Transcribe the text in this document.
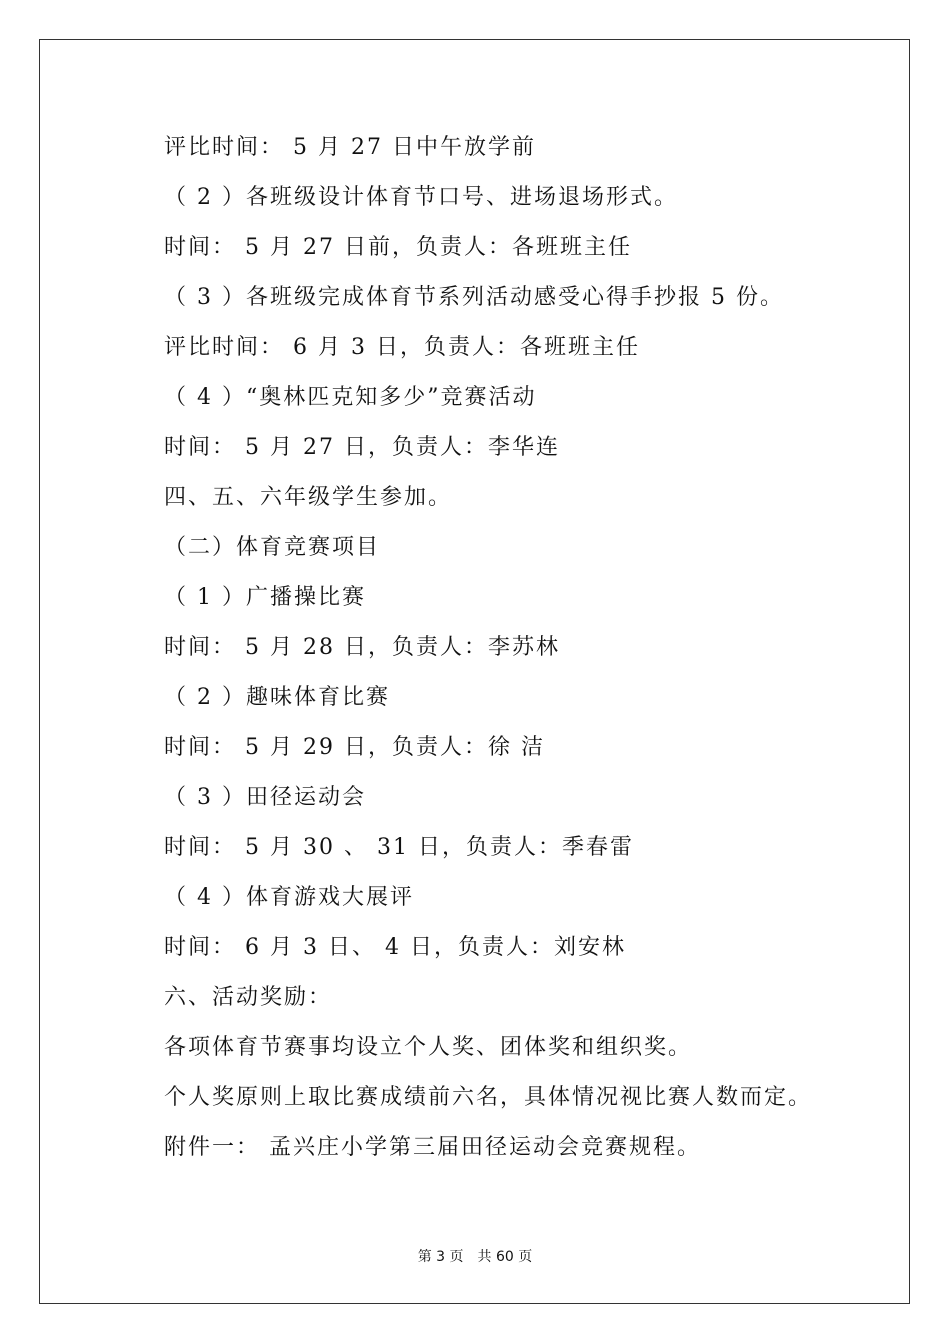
评比时间： 5 月 27 日中午放学前
（ 2 ）各班级设计体育节口号、进场退场形式。
时间： 5 月 27 日前，负责人：各班班主任
（ 3 ）各班级完成体育节系列活动感受心得手抄报 5 份。
评比时间： 6 月 3 日，负责人：各班班主任
（ 4 ）“奥林匹克知多少”竞赛活动
时间： 5 月 27 日，负责人：李华连
四、五、六年级学生参加。
（二）体育竞赛项目
（ 1 ）广播操比赛
时间： 5 月 28 日，负责人：李苏林
（ 2 ）趣味体育比赛
时间： 5 月 29 日，负责人：徐 洁
（ 3 ）田径运动会
时间： 5 月 30 、 31 日，负责人：季春雷
（ 4 ）体育游戏大展评
时间： 6 月 3 日、 4 日，负责人：刘安林
六、活动奖励：
各项体育节赛事均设立个人奖、团体奖和组织奖。
个人奖原则上取比赛成绩前六名，具体情况视比赛人数而定。
附件一： 孟兴庄小学第三届田径运动会竞赛规程。
第 3 页　共 60 页
